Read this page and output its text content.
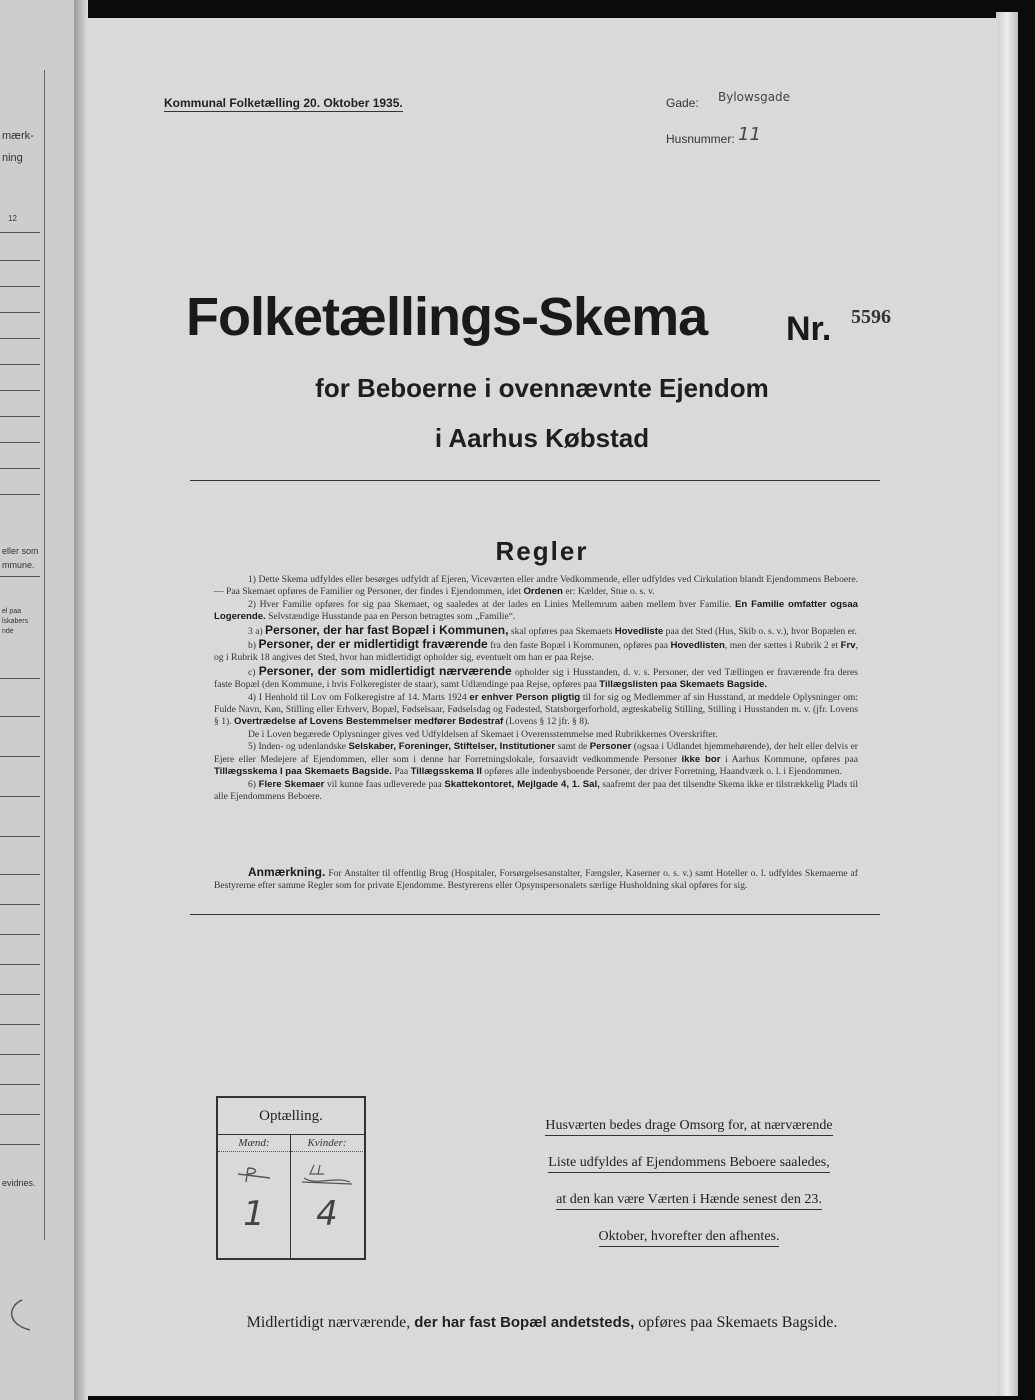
mærk-
ning
12
eller som
mmune.
el paa
lskabers
nde
evidnes.
Kommunal Folketælling 20. Oktober 1935.	Gade: Bylowsgade
Husnummer: 11
Folketællings-Skema Nr. 5596
for Beboerne i ovennævnte Ejendom
i Aarhus Købstad
Regler

1) Dette Skema udfyldes eller besørges udfyldt af Ejeren, Viceværten eller andre Vedkommende, eller udfyldes ved Cirkulation blandt Ejendommens Beboere. — Paa Skemaet opføres de Familier og Personer, der findes i Ejendommen, idet Ordenen er: Kælder, Stue o. s. v.

2) Hver Familie opføres for sig paa Skemaet, og saaledes at der lades en Linies Mellemrum aaben mellem hver Familie. En Familie omfatter ogsaa Logerende. Selvstændige Husstande paa en Person betragtes som „Familie“.

3 a) Personer, der har fast Bopæl i Kommunen, skal opføres paa Skemaets Hovedliste paa det Sted (Hus, Skib o. s. v.), hvor Bopælen er.

b) Personer, der er midlertidigt fraværende fra den faste Bopæl i Kommunen, opføres paa Hovedlisten, men der sættes i Rubrik 2 et Frv, og i Rubrik 18 angives det Sted, hvor han midlertidigt opholder sig, eventuelt om han er paa Rejse.

c) Personer, der som midlertidigt nærværende opholder sig i Husstanden, d. v. s. Personer, der ved Tællingen er fraværende fra deres faste Bopæl (den Kommune, i hvis Folkeregister de staar), samt Udlændinge paa Rejse, opføres paa Tillægslisten paa Skemaets Bagside.

4) I Henhold til Lov om Folkeregistre af 14. Marts 1924 er enhver Person pligtig til for sig og Medlemmer af sin Husstand, at meddele Oplysninger om: Fulde Navn, Køn, Stilling eller Erhverv, Bopæl, Fødselsaar, Fødselsdag og Fødested, Statsborgerforhold, ægteskabelig Stilling, Stilling i Husstanden m. v. (jfr. Lovens § 1). Overtrædelse af Lovens Bestemmelser medfører Bødestraf (Lovens § 12 jfr. § 8).

De i Loven begærede Oplysninger gives ved Udfyldelsen af Skemaet i Overensstemmelse med Rubrikkernes Overskrifter.

5) Inden- og udenlandske Selskaber, Foreninger, Stiftelser, Institutioner samt de Personer (ogsaa i Udlandet hjemmehørende), der helt eller delvis er Ejere eller Medejere af Ejendommen, eller som i denne har Forretningslokale, forsaavidt vedkommende Personer ikke bor i Aarhus Kommune, opføres paa Tillægsskema I paa Skemaets Bagside. Paa Tillægsskema II opføres alle indenbysboende Personer, der driver Forretning, Haandværk o. l. i Ejendommen.

6) Flere Skemaer vil kunne faas udleverede paa Skattekontoret, Mejlgade 4, 1. Sal, saafremt der paa det tilsendte Skema ikke er tilstrækkelig Plads til alle Ejendommens Beboere.

Anmærkning. For Anstalter til offentlig Brug (Hospitaler, Forsørgelsesanstalter, Fængsler, Kaserner o. s. v.) samt Hoteller o. l. udfyldes Skemaerne af Bestyrerne efter samme Regler som for private Ejendomme. Bestyrerens eller Opsynspersonalets særlige Husholdning skal opføres for sig.

Optælling.
Mænd:
1
Kvinder:
4
Husværten bedes drage Omsorg for, at nærværende
Liste udfyldes af Ejendommens Beboere saaledes,
at den kan være Værten i Hænde senest den 23.
Oktober, hvorefter den afhentes.
Midlertidigt nærværende, der har fast Bopæl andetsteds, opføres paa Skemaets Bagside.
